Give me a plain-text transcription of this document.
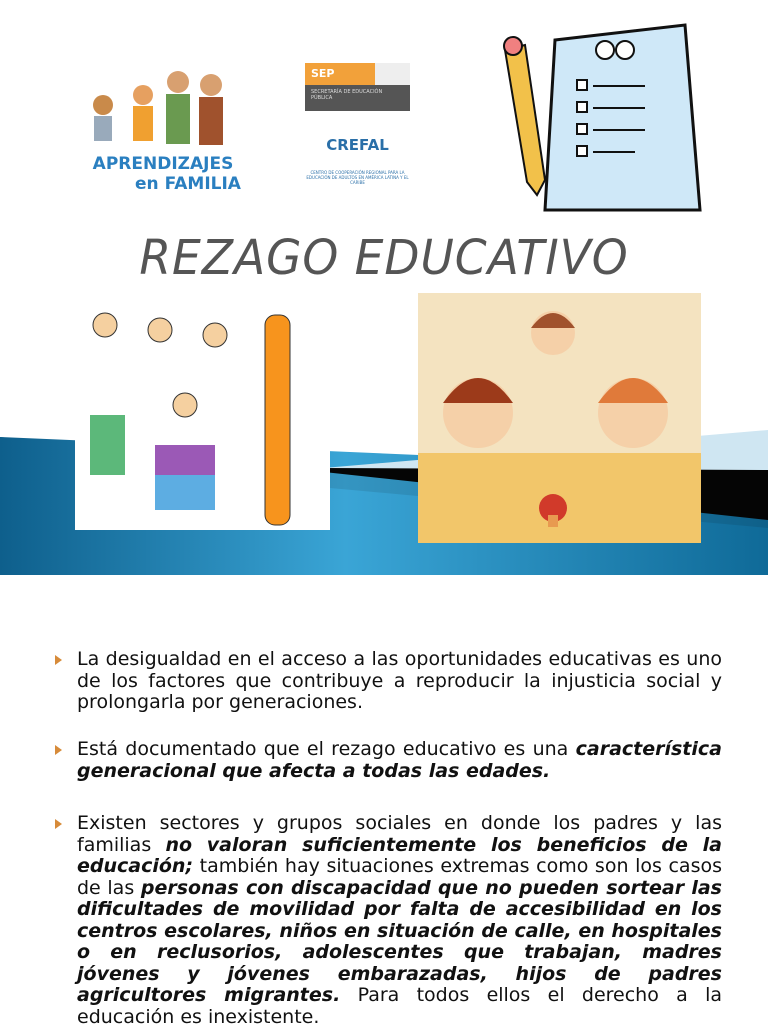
APRENDIZAJES
en FAMILIA
SEP
SECRETARÍA DE EDUCACIÓN PÚBLICA
CREFAL
CENTRO DE COOPERACIÓN REGIONAL PARA LA EDUCACIÓN DE ADULTOS EN AMÉRICA LATINA Y EL CARIBE
REZAGO EDUCATIVO
La desigualdad en el acceso a las oportunidades educativas es uno de los factores que contribuye a reproducir la injusticia social y prolongarla por generaciones.
Está documentado que el rezago educativo es una característica generacional que afecta a todas las edades.
Existen sectores y grupos sociales en donde los padres y las familias no valoran suficientemente los beneficios de la educación; también hay situaciones extremas como son los casos de las personas con discapacidad que no pueden sortear las dificultades de movilidad por falta de accesibilidad en los centros escolares, niños en situación de calle, en hospitales o en reclusorios, adolescentes que trabajan, madres jóvenes y jóvenes embarazadas, hijos de padres agricultores migrantes. Para todos ellos el derecho a la educación es inexistente.
